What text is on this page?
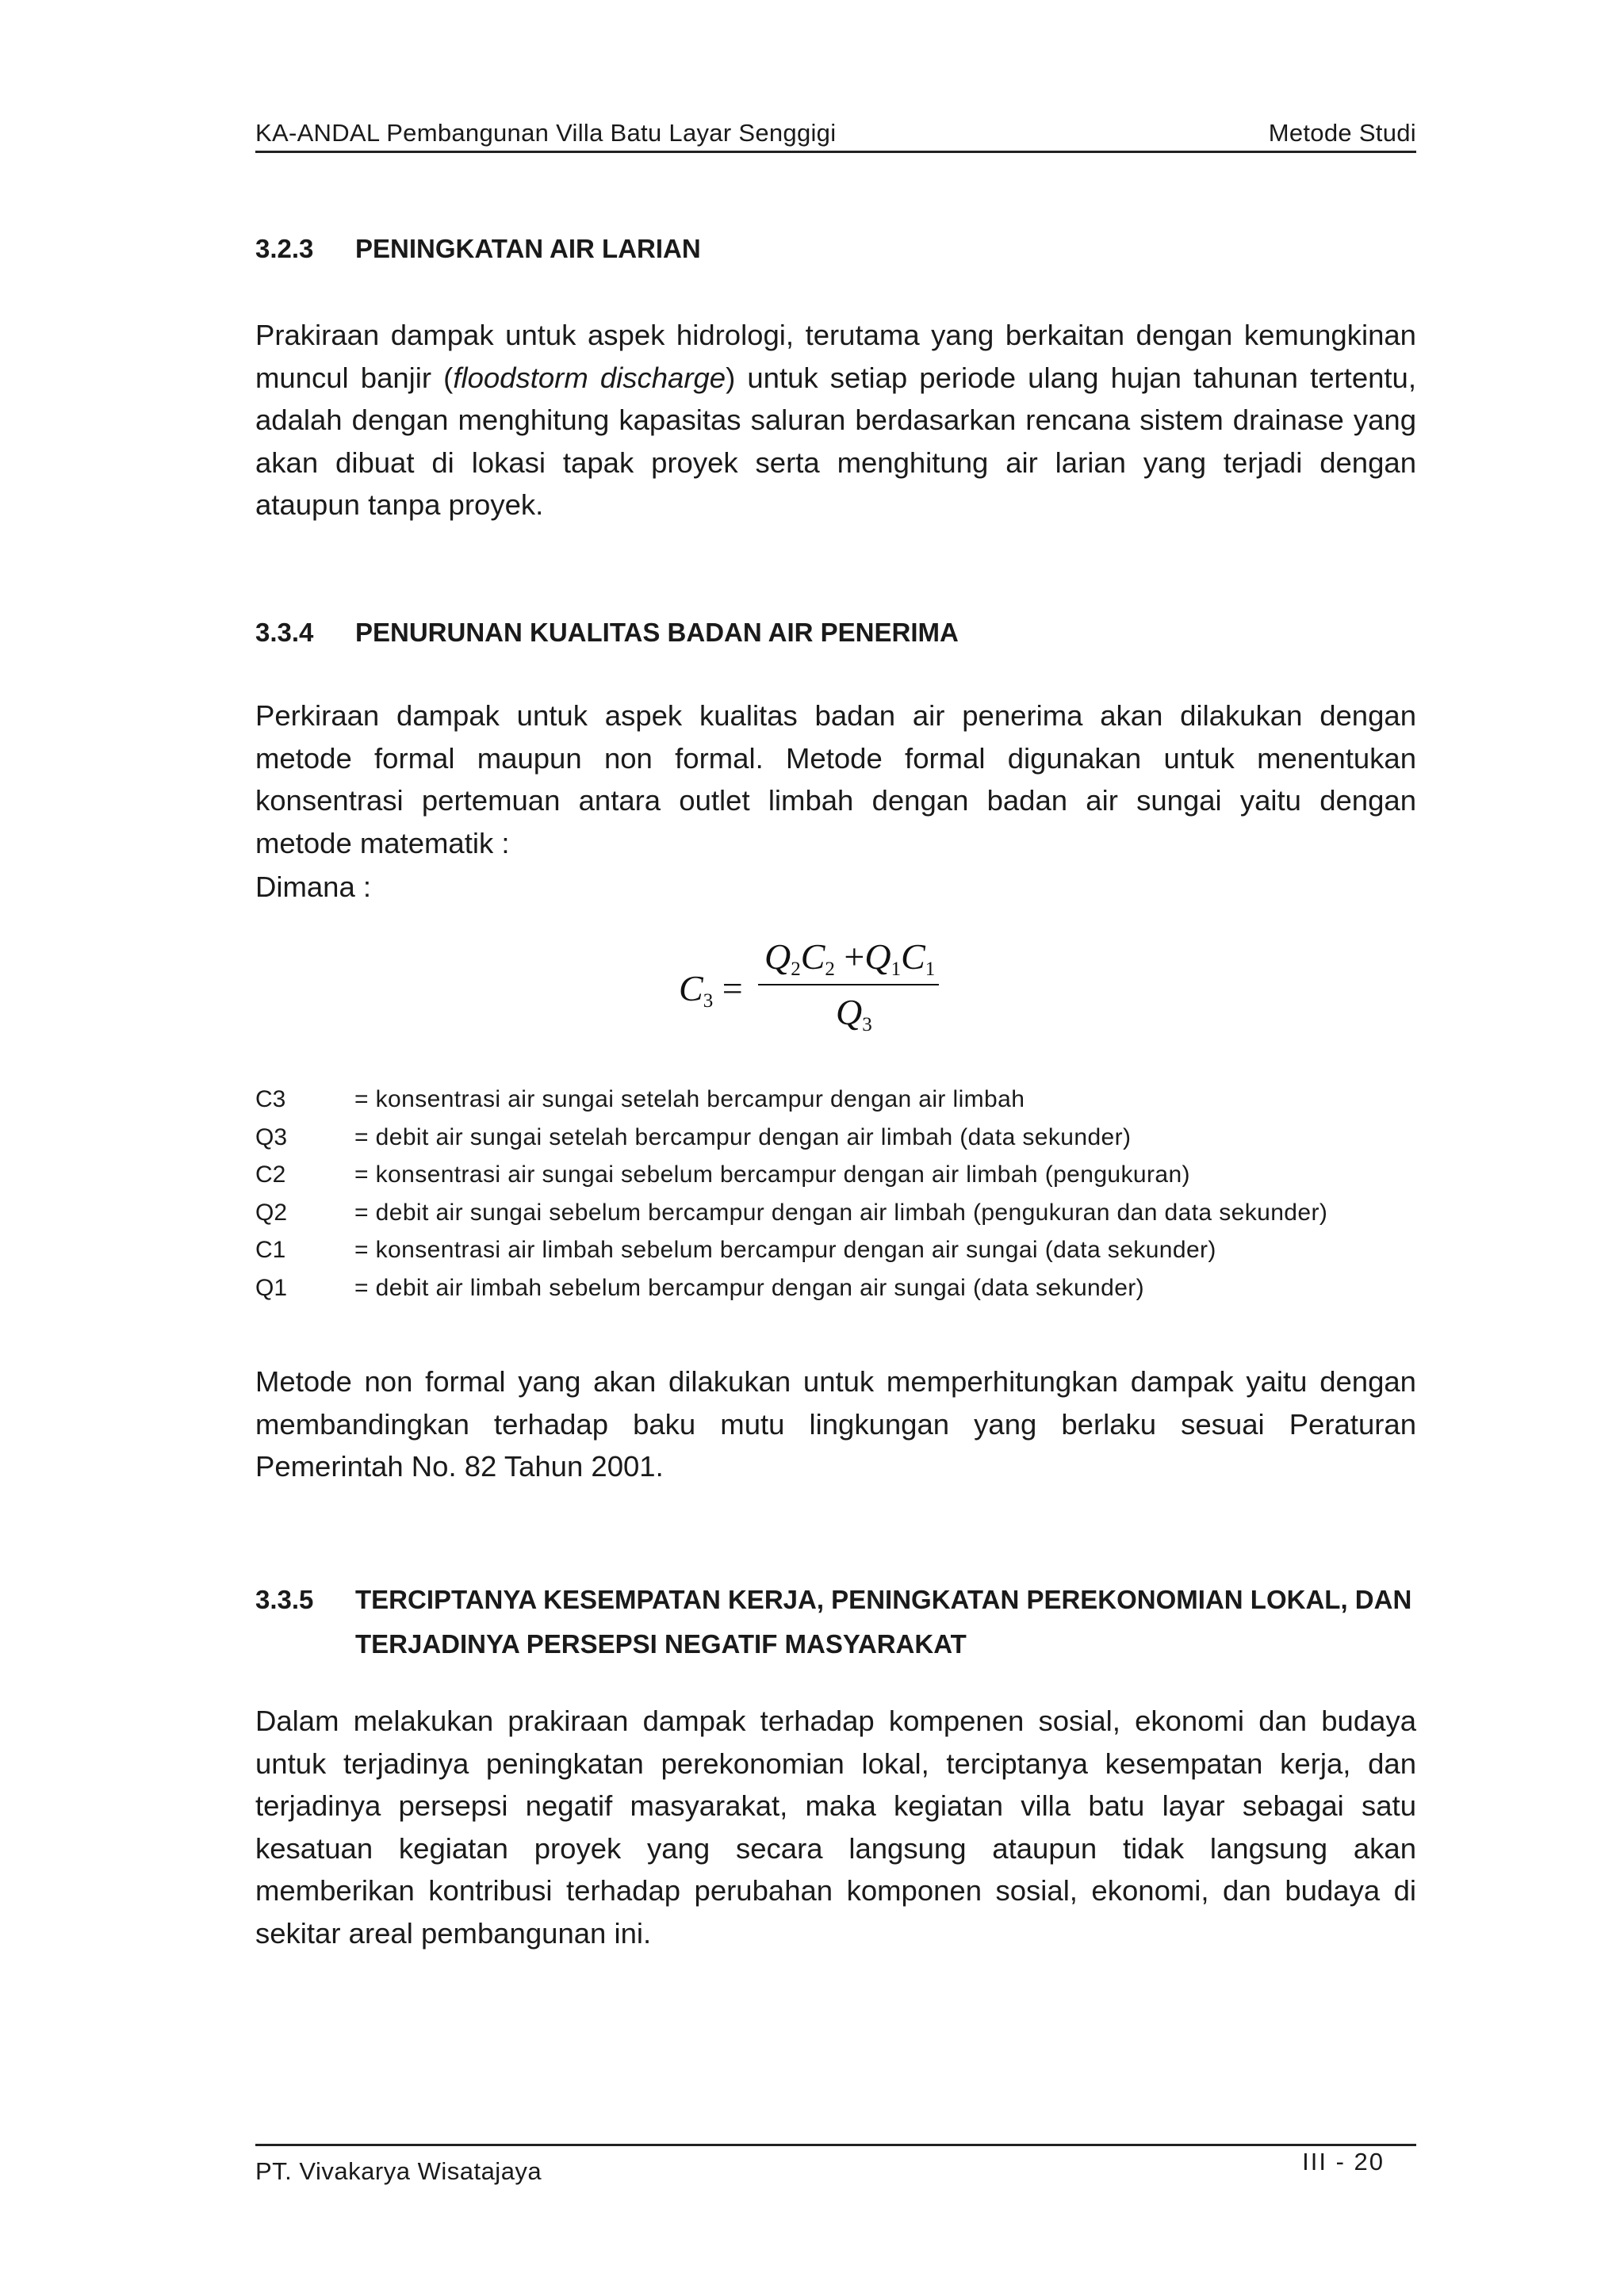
KA-ANDAL Pembangunan Villa Batu Layar Senggigi	Metode Studi
3.2.3 PENINGKATAN AIR LARIAN

Prakiraan dampak untuk aspek hidrologi, terutama yang berkaitan dengan kemungkinan muncul banjir (floodstorm discharge) untuk setiap periode ulang hujan tahunan tertentu, adalah dengan menghitung kapasitas saluran berdasarkan rencana sistem drainase yang akan dibuat di lokasi tapak proyek serta menghitung air larian yang terjadi dengan ataupun tanpa proyek.

3.3.4 PENURUNAN KUALITAS BADAN AIR PENERIMA

Perkiraan dampak untuk aspek kualitas badan air penerima akan dilakukan dengan metode formal maupun non formal. Metode formal digunakan untuk menentukan konsentrasi pertemuan antara outlet limbah dengan badan air sungai yaitu dengan metode matematik :

Dimana :

$C_3$ =
$Q_2C_2 +Q_1C_1$
$Q_3$
C3	= konsentrasi air sungai setelah bercampur dengan air limbah
Q3	= debit air sungai setelah bercampur dengan air limbah (data sekunder)
C2	= konsentrasi air sungai sebelum bercampur dengan air limbah (pengukuran)
Q2	= debit air sungai sebelum bercampur dengan air limbah (pengukuran dan data sekunder)
C1	= konsentrasi air limbah sebelum bercampur dengan air sungai (data sekunder)
Q1	= debit air limbah sebelum bercampur dengan air sungai (data sekunder)

Metode non formal yang akan dilakukan untuk memperhitungkan dampak yaitu dengan membandingkan terhadap baku mutu lingkungan yang berlaku sesuai Peraturan Pemerintah No. 82 Tahun 2001.

3.3.5 TERCIPTANYA KESEMPATAN KERJA, PENINGKATAN PEREKONOMIAN LOKAL, DAN
TERJADINYA PERSEPSI NEGATIF MASYARAKAT

Dalam melakukan prakiraan dampak terhadap kompenen sosial, ekonomi dan budaya untuk terjadinya peningkatan perekonomian lokal, terciptanya kesempatan kerja, dan terjadinya persepsi negatif masyarakat, maka kegiatan villa batu layar sebagai satu kesatuan kegiatan proyek yang secara langsung ataupun tidak langsung akan memberikan kontribusi terhadap perubahan komponen sosial, ekonomi, dan budaya di sekitar areal pembangunan ini.

PT. Vivakarya Wisatajaya	III - 20
